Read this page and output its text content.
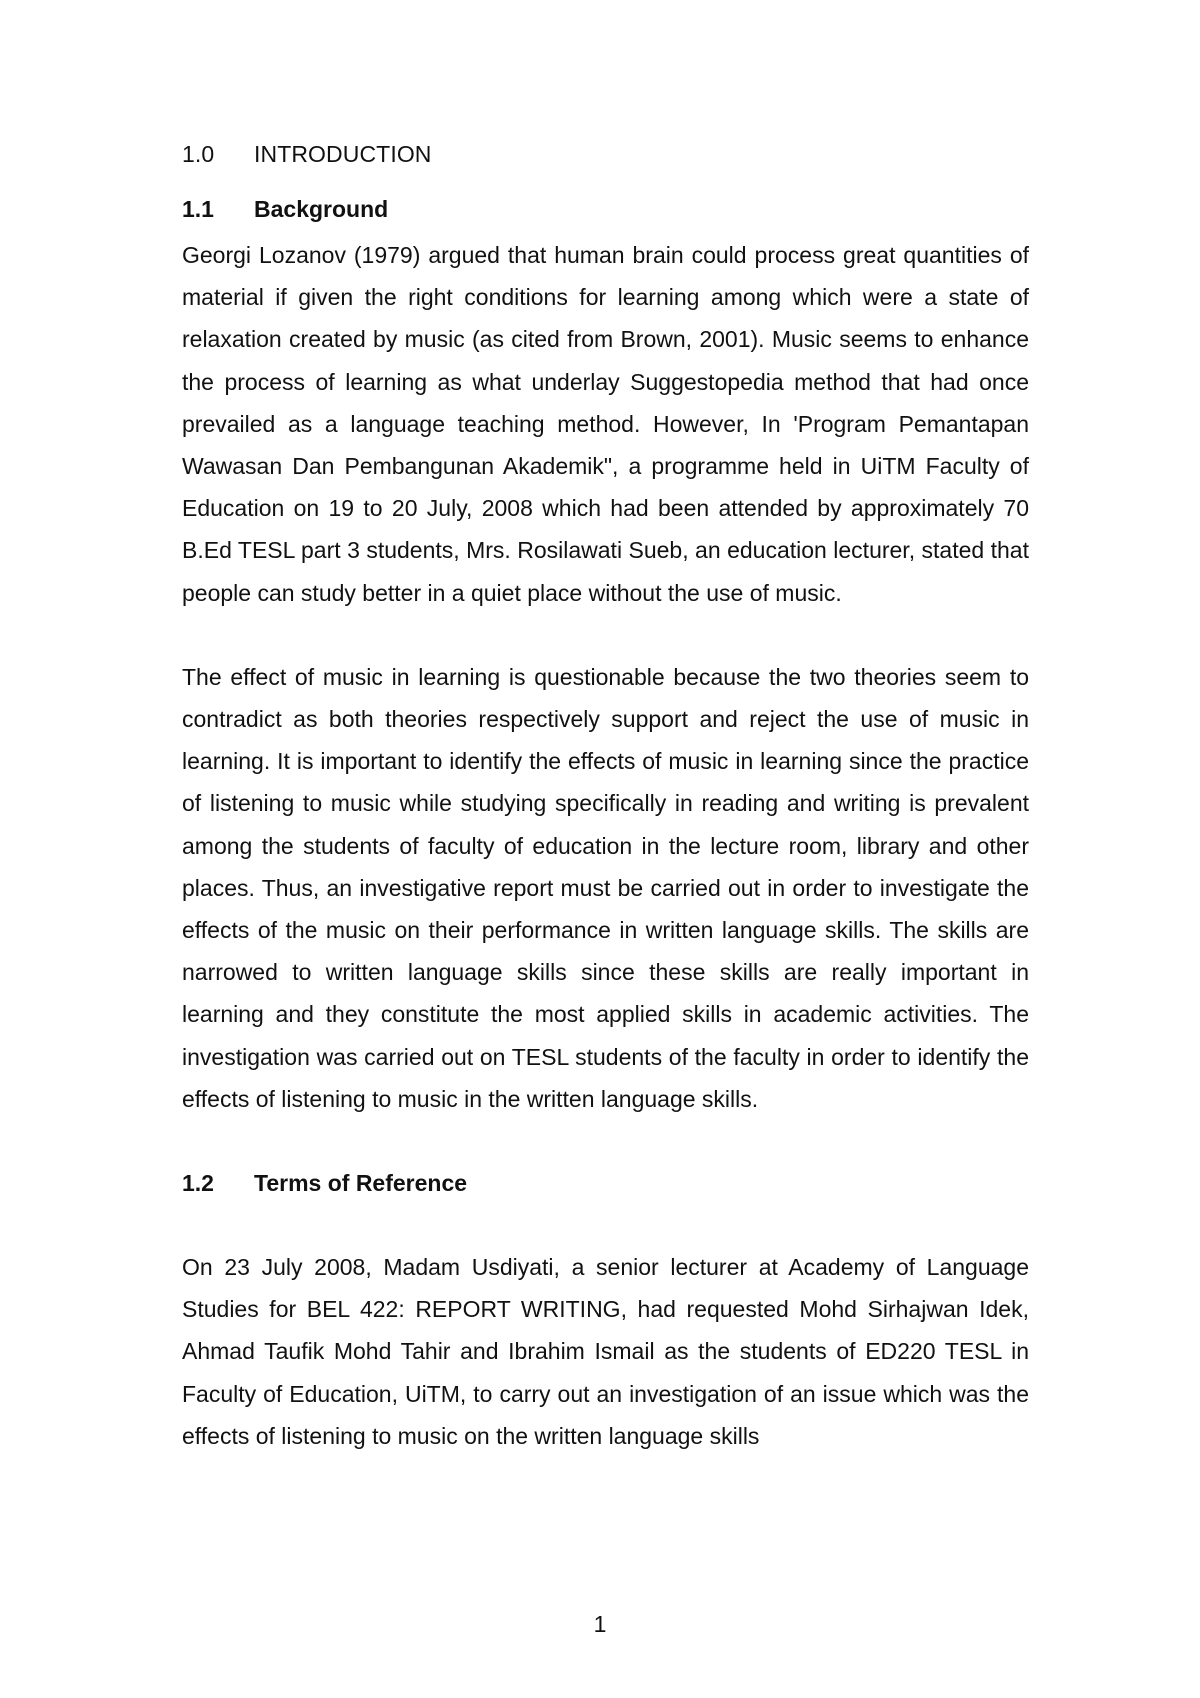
1.0	INTRODUCTION
1.1	Background

Georgi Lozanov (1979) argued that human brain could process great quantities of material if given the right conditions for learning among which were a state of relaxation created by music (as cited from Brown, 2001). Music seems to enhance the process of learning as what underlay Suggestopedia method that had once prevailed as a language teaching method. However, In 'Program Pemantapan Wawasan Dan Pembangunan Akademik", a programme held in UiTM Faculty of Education on 19 to 20 July, 2008 which had been attended by approximately 70 B.Ed TESL part 3 students, Mrs. Rosilawati Sueb, an education lecturer, stated that people can study better in a quiet place without the use of music.

The effect of music in learning is questionable because the two theories seem to contradict as both theories respectively support and reject the use of music in learning. It is important to identify the effects of music in learning since the practice of listening to music while studying specifically in reading and writing is prevalent among the students of faculty of education in the lecture room, library and other places. Thus, an investigative report must be carried out in order to investigate the effects of the music on their performance in written language skills. The skills are narrowed to written language skills since these skills are really important in learning and they constitute the most applied skills in academic activities. The investigation was carried out on TESL students of the faculty in order to identify the effects of listening to music in the written language skills.

1.2	Terms of Reference

On 23 July 2008, Madam Usdiyati, a senior lecturer at Academy of Language Studies for BEL 422: REPORT WRITING, had requested Mohd Sirhajwan Idek, Ahmad Taufik Mohd Tahir and Ibrahim Ismail as the students of ED220 TESL in Faculty of Education, UiTM, to carry out an investigation of an issue which was the effects of listening to music on the written language skills

1
